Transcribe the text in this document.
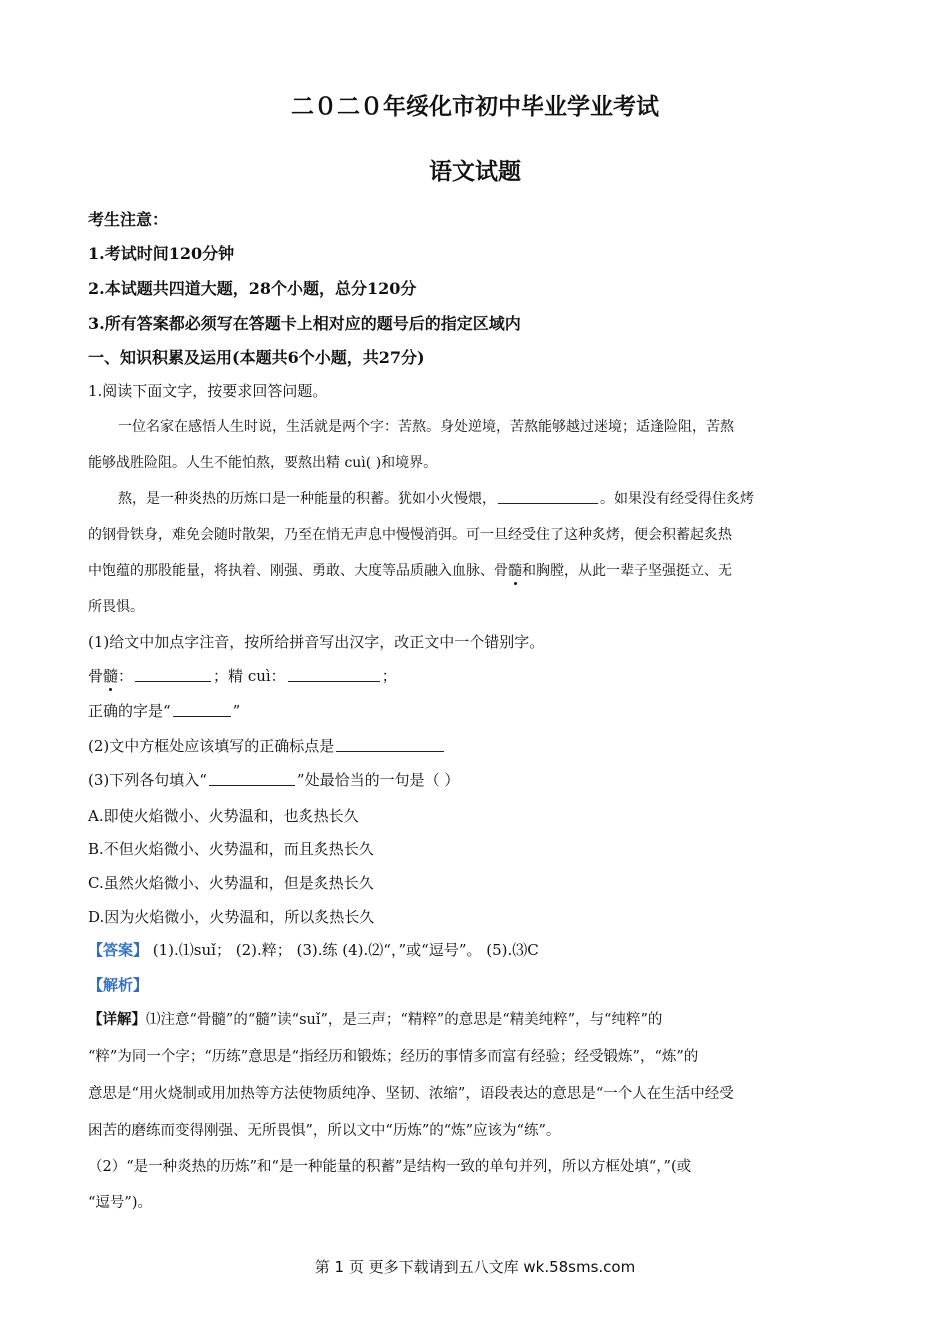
二０二０年绥化市初中毕业学业考试
语文试题
考生注意：
1.考试时间120分钟
2.本试题共四道大题，28个小题，总分120分
3.所有答案都必须写在答题卡上相对应的题号后的指定区域内
一、知识积累及运用(本题共6个小题，共27分)
1.阅读下面文字，按要求回答问题。
一位名家在感悟人生时说，生活就是两个字：苦熬。身处逆境，苦熬能够越过迷境；适逢险阻，苦熬
能够战胜险阻。人生不能怕熬，要熬出精 cuì( )和境界。
熬，是一种炎热的历炼口是一种能量的积蓄。犹如小火慢煨，	。如果没有经受得住炙烤
的钢骨铁身，难免会随时散架，乃至在悄无声息中慢慢消弭。可一旦经受住了这种炙烤，便会积蓄起炙热
中饱蕴的那股能量，将执着、刚强、勇敢、大度等品质融入血脉、骨髓和胸膛，从此一辈子坚强挺立、无
所畏惧。
(1)给文中加点字注音，按所给拼音写出汉字，改正文中一个错别字。
骨髓：	；精 cuì：	；
正确的字是“	”
(2)文中方框处应该填写的正确标点是
(3)下列各句填入“	”处最恰当的一句是（ ）
A.即使火焰微小、火势温和，也炙热长久
B.不但火焰微小、火势温和，而且炙热长久
C.虽然火焰微小、火势温和，但是炙热长久
D.因为火焰微小，火势温和，所以炙热长久
【答案】 (1).⑴suǐ； (2).粹； (3).练 (4).⑵“，”或“逗号”。 (5).⑶C
【解析】
【详解】⑴注意“骨髓”的“髓”读“suǐ”，是三声；“精粹”的意思是“精美纯粹”，与“纯粹”的
“粹”为同一个字；“历练”意思是“指经历和锻炼；经历的事情多而富有经验；经受锻炼”，“炼”的
意思是“用火烧制或用加热等方法使物质纯净、坚韧、浓缩”，语段表达的意思是“一个人在生活中经受
困苦的磨练而变得刚强、无所畏惧”，所以文中“历炼”的“炼”应该为“练”。
（2）“是一种炎热的历炼”和“是一种能量的积蓄”是结构一致的单句并列，所以方框处填“，”(或
“逗号”)。
第 1 页 更多下载请到五八文库 wk.58sms.com
